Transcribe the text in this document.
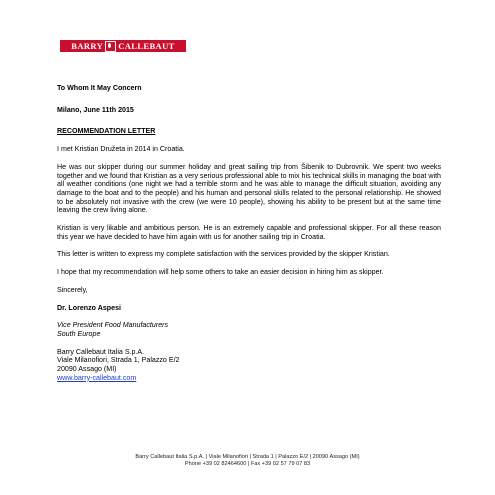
BARRY CALLEBAUT

To Whom It May Concern

Milano, June 11th 2015

RECOMMENDATION LETTER

I met Kristian Družeta in 2014 in Croatia.

He was our skipper during our summer holiday and great sailing trip from Šibenik to Dubrovnik. We spent two weeks together and we found that Kristian as a very serious professional able to mix his technical skills in managing the boat with all weather conditions (one night we had a terrible storm and he was able to manage the difficult situation, avoiding any damage to the boat and to the people) and his human and personal skills related to the personal relationship. He showed to be absolutely not invasive with the crew (we were 10 people), showing his ability to be present but at the same time leaving the crew living alone.

Kristian is very likable and ambitious person. He is an extremely capable and professional skipper. For all these reason this year we have decided to have him again with us for another sailing trip in Croatia.

This letter is written to express my complete satisfaction with the services provided by the skipper Kristian.

I hope that my recommendation will help some others to take an easier decision in hiring him as skipper.

Sincerely,

Dr. Lorenzo Aspesi

Vice President Food Manufacturers

South Europe

Barry Callebaut Italia S.p.A.

Viale Milanofiori, Strada 1, Palazzo E/2

20090 Assago (MI)

www.barry-callebaut.com

Barry Callebaut Italia S.p.A. | Viale Milanofiori | Strada 1 | Palazzo E/2 | 20090 Assago (MI)
Phone +39 02 82464600 | Fax +39 02 57 79 07 83
